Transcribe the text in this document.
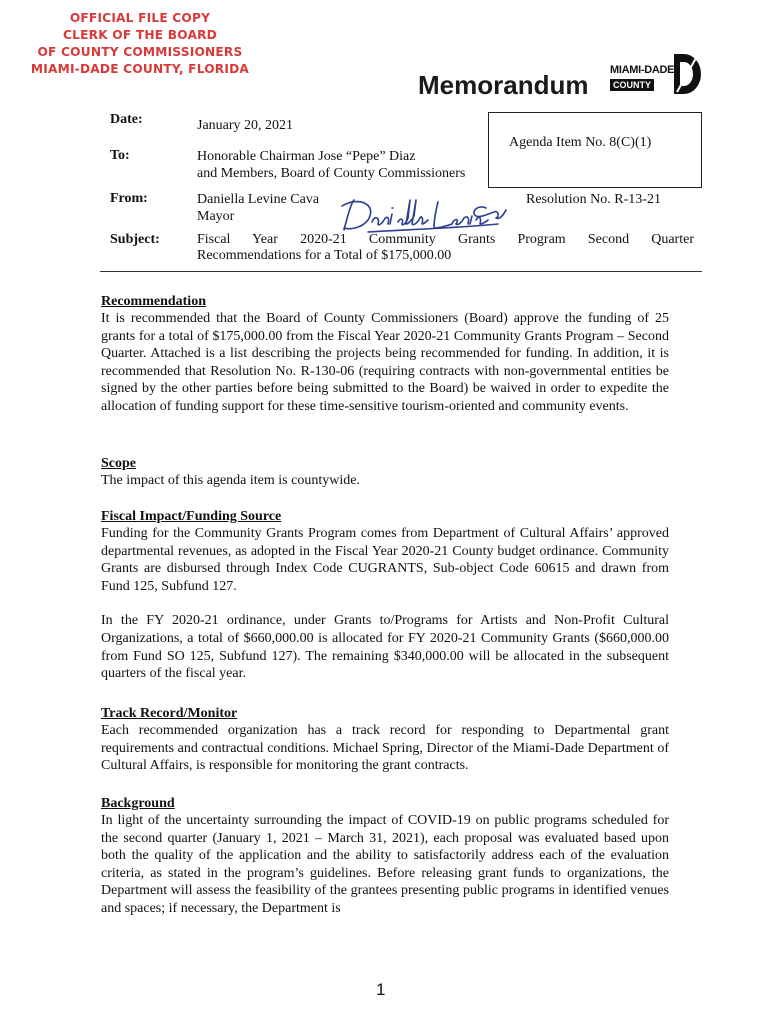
OFFICIAL FILE COPY
CLERK OF THE BOARD
OF COUNTY COMMISSIONERS
MIAMI-DADE COUNTY, FLORIDA
Memorandum MIAMI-DADE
COUNTY
Date:	January 20, 2021
Agenda Item No. 8(C)(1)
To:	Honorable Chairman Jose “Pepe” Diaz
and Members, Board of County Commissioners
From:	Daniella Levine Cava
Mayor
Resolution No. R-13-21
Subject:	Fiscal Year 2020-21 Community Grants Program Second Quarter
Recommendations for a Total of $175,000.00
Recommendation

It is recommended that the Board of County Commissioners (Board) approve the funding of 25 grants for a total of $175,000.00 from the Fiscal Year 2020-21 Community Grants Program – Second Quarter. Attached is a list describing the projects being recommended for funding. In addition, it is recommended that Resolution No. R-130-06 (requiring contracts with non-governmental entities be signed by the other parties before being submitted to the Board) be waived in order to expedite the allocation of funding support for these time-sensitive tourism-oriented and community events.

Scope

The impact of this agenda item is countywide.

Fiscal Impact/Funding Source

Funding for the Community Grants Program comes from Department of Cultural Affairs’ approved departmental revenues, as adopted in the Fiscal Year 2020-21 County budget ordinance. Community Grants are disbursed through Index Code CUGRANTS, Sub-object Code 60615 and drawn from Fund 125, Subfund 127.

In the FY 2020-21 ordinance, under Grants to/Programs for Artists and Non-Profit Cultural Organizations, a total of $660,000.00 is allocated for FY 2020-21 Community Grants ($660,000.00 from Fund SO 125, Subfund 127). The remaining $340,000.00 will be allocated in the subsequent quarters of the fiscal year.

Track Record/Monitor

Each recommended organization has a track record for responding to Departmental grant requirements and contractual conditions. Michael Spring, Director of the Miami-Dade Department of Cultural Affairs, is responsible for monitoring the grant contracts.

Background

In light of the uncertainty surrounding the impact of COVID-19 on public programs scheduled for the second quarter (January 1, 2021 – March 31, 2021), each proposal was evaluated based upon both the quality of the application and the ability to satisfactorily address each of the evaluation criteria, as stated in the program’s guidelines. Before releasing grant funds to organizations, the Department will assess the feasibility of the grantees presenting public programs in identified venues and spaces; if necessary, the Department is

1
